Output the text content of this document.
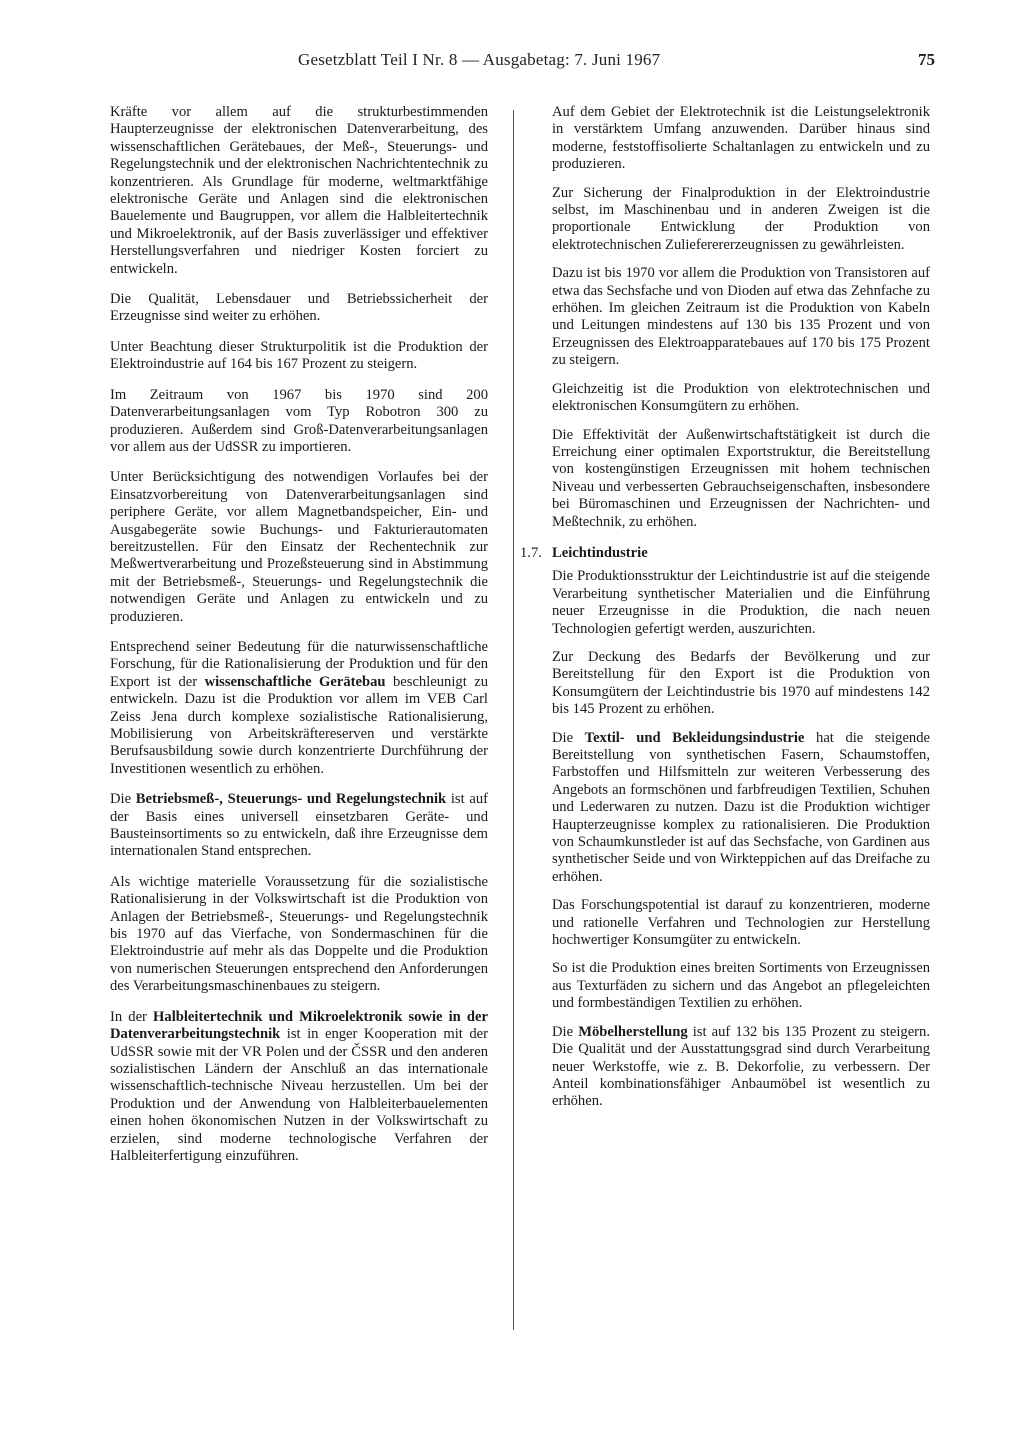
Gesetzblatt Teil I Nr. 8 — Ausgabetag: 7. Juni 1967	75

Kräfte vor allem auf die strukturbestimmenden Haupterzeugnisse der elektronischen Datenverarbeitung, des wissenschaftlichen Gerätebaues, der Meß-, Steuerungs- und Regelungstechnik und der elektronischen Nachrichtentechnik zu konzentrieren. Als Grundlage für moderne, weltmarktfähige elektronische Geräte und Anlagen sind die elektronischen Bauelemente und Baugruppen, vor allem die Halbleitertechnik und Mikroelektronik, auf der Basis zuverlässiger und effektiver Herstellungsverfahren und niedriger Kosten forciert zu entwickeln.

Die Qualität, Lebensdauer und Betriebssicherheit der Erzeugnisse sind weiter zu erhöhen.

Unter Beachtung dieser Strukturpolitik ist die Produktion der Elektroindustrie auf 164 bis 167 Prozent zu steigern.

Im Zeitraum von 1967 bis 1970 sind 200 Datenverarbeitungsanlagen vom Typ Robotron 300 zu produzieren. Außerdem sind Groß-Datenverarbeitungsanlagen vor allem aus der UdSSR zu importieren.

Unter Berücksichtigung des notwendigen Vorlaufes bei der Einsatzvorbereitung von Datenverarbeitungsanlagen sind periphere Geräte, vor allem Magnetbandspeicher, Ein- und Ausgabegeräte sowie Buchungs- und Fakturierautomaten bereitzustellen. Für den Einsatz der Rechentechnik zur Meßwertverarbeitung und Prozeßsteuerung sind in Abstimmung mit der Betriebsmeß-, Steuerungs- und Regelungstechnik die notwendigen Geräte und Anlagen zu entwickeln und zu produzieren.

Entsprechend seiner Bedeutung für die naturwissenschaftliche Forschung, für die Rationalisierung der Produktion und für den Export ist der wissenschaftliche Gerätebau beschleunigt zu entwickeln. Dazu ist die Produktion vor allem im VEB Carl Zeiss Jena durch komplexe sozialistische Rationalisierung, Mobilisierung von Arbeitskräftereserven und verstärkte Berufsausbildung sowie durch konzentrierte Durchführung der Investitionen wesentlich zu erhöhen.

Die Betriebsmeß-, Steuerungs- und Regelungstechnik ist auf der Basis eines universell einsetzbaren Geräte- und Bausteinsortiments so zu entwickeln, daß ihre Erzeugnisse dem internationalen Stand entsprechen.

Als wichtige materielle Voraussetzung für die sozialistische Rationalisierung in der Volkswirtschaft ist die Produktion von Anlagen der Betriebsmeß-, Steuerungs- und Regelungstechnik bis 1970 auf das Vierfache, von Sondermaschinen für die Elektroindustrie auf mehr als das Doppelte und die Produktion von numerischen Steuerungen entsprechend den Anforderungen des Verarbeitungsmaschinenbaues zu steigern.

In der Halbleitertechnik und Mikroelektronik sowie in der Datenverarbeitungstechnik ist in enger Kooperation mit der UdSSR sowie mit der VR Polen und der ČSSR und den anderen sozialistischen Ländern der Anschluß an das internationale wissenschaftlich-technische Niveau herzustellen. Um bei der Produktion und der Anwendung von Halbleiterbauelementen einen hohen ökonomischen Nutzen in der Volkswirtschaft zu erzielen, sind moderne technologische Verfahren der Halbleiterfertigung einzuführen.

Auf dem Gebiet der Elektrotechnik ist die Leistungselektronik in verstärktem Umfang anzuwenden. Darüber hinaus sind moderne, feststoffisolierte Schaltanlagen zu entwickeln und zu produzieren.

Zur Sicherung der Finalproduktion in der Elektroindustrie selbst, im Maschinenbau und in anderen Zweigen ist die proportionale Entwicklung der Produktion von elektrotechnischen Zulieferererzeugnissen zu gewährleisten.

Dazu ist bis 1970 vor allem die Produktion von Transistoren auf etwa das Sechsfache und von Dioden auf etwa das Zehnfache zu erhöhen. Im gleichen Zeitraum ist die Produktion von Kabeln und Leitungen mindestens auf 130 bis 135 Prozent und von Erzeugnissen des Elektroapparatebaues auf 170 bis 175 Prozent zu steigern.

Gleichzeitig ist die Produktion von elektrotechnischen und elektronischen Konsumgütern zu erhöhen.

Die Effektivität der Außenwirtschaftstätigkeit ist durch die Erreichung einer optimalen Exportstruktur, die Bereitstellung von kostengünstigen Erzeugnissen mit hohem technischen Niveau und verbesserten Gebrauchseigenschaften, insbesondere bei Büromaschinen und Erzeugnissen der Nachrichten- und Meßtechnik, zu erhöhen.

1.7. Leichtindustrie

Die Produktionsstruktur der Leichtindustrie ist auf die steigende Verarbeitung synthetischer Materialien und die Einführung neuer Erzeugnisse in die Produktion, die nach neuen Technologien gefertigt werden, auszurichten.

Zur Deckung des Bedarfs der Bevölkerung und zur Bereitstellung für den Export ist die Produktion von Konsumgütern der Leichtindustrie bis 1970 auf mindestens 142 bis 145 Prozent zu erhöhen.

Die Textil- und Bekleidungsindustrie hat die steigende Bereitstellung von synthetischen Fasern, Schaumstoffen, Farbstoffen und Hilfsmitteln zur weiteren Verbesserung des Angebots an formschönen und farbfreudigen Textilien, Schuhen und Lederwaren zu nutzen. Dazu ist die Produktion wichtiger Haupterzeugnisse komplex zu rationalisieren. Die Produktion von Schaumkunstleder ist auf das Sechsfache, von Gardinen aus synthetischer Seide und von Wirkteppichen auf das Dreifache zu erhöhen.

Das Forschungspotential ist darauf zu konzentrieren, moderne und rationelle Verfahren und Technologien zur Herstellung hochwertiger Konsumgüter zu entwickeln.

So ist die Produktion eines breiten Sortiments von Erzeugnissen aus Texturfäden zu sichern und das Angebot an pflegeleichten und formbeständigen Textilien zu erhöhen.

Die Möbelherstellung ist auf 132 bis 135 Prozent zu steigern. Die Qualität und der Ausstattungsgrad sind durch Verarbeitung neuer Werkstoffe, wie z. B. Dekorfolie, zu verbessern. Der Anteil kombinationsfähiger Anbaumöbel ist wesentlich zu erhöhen.
